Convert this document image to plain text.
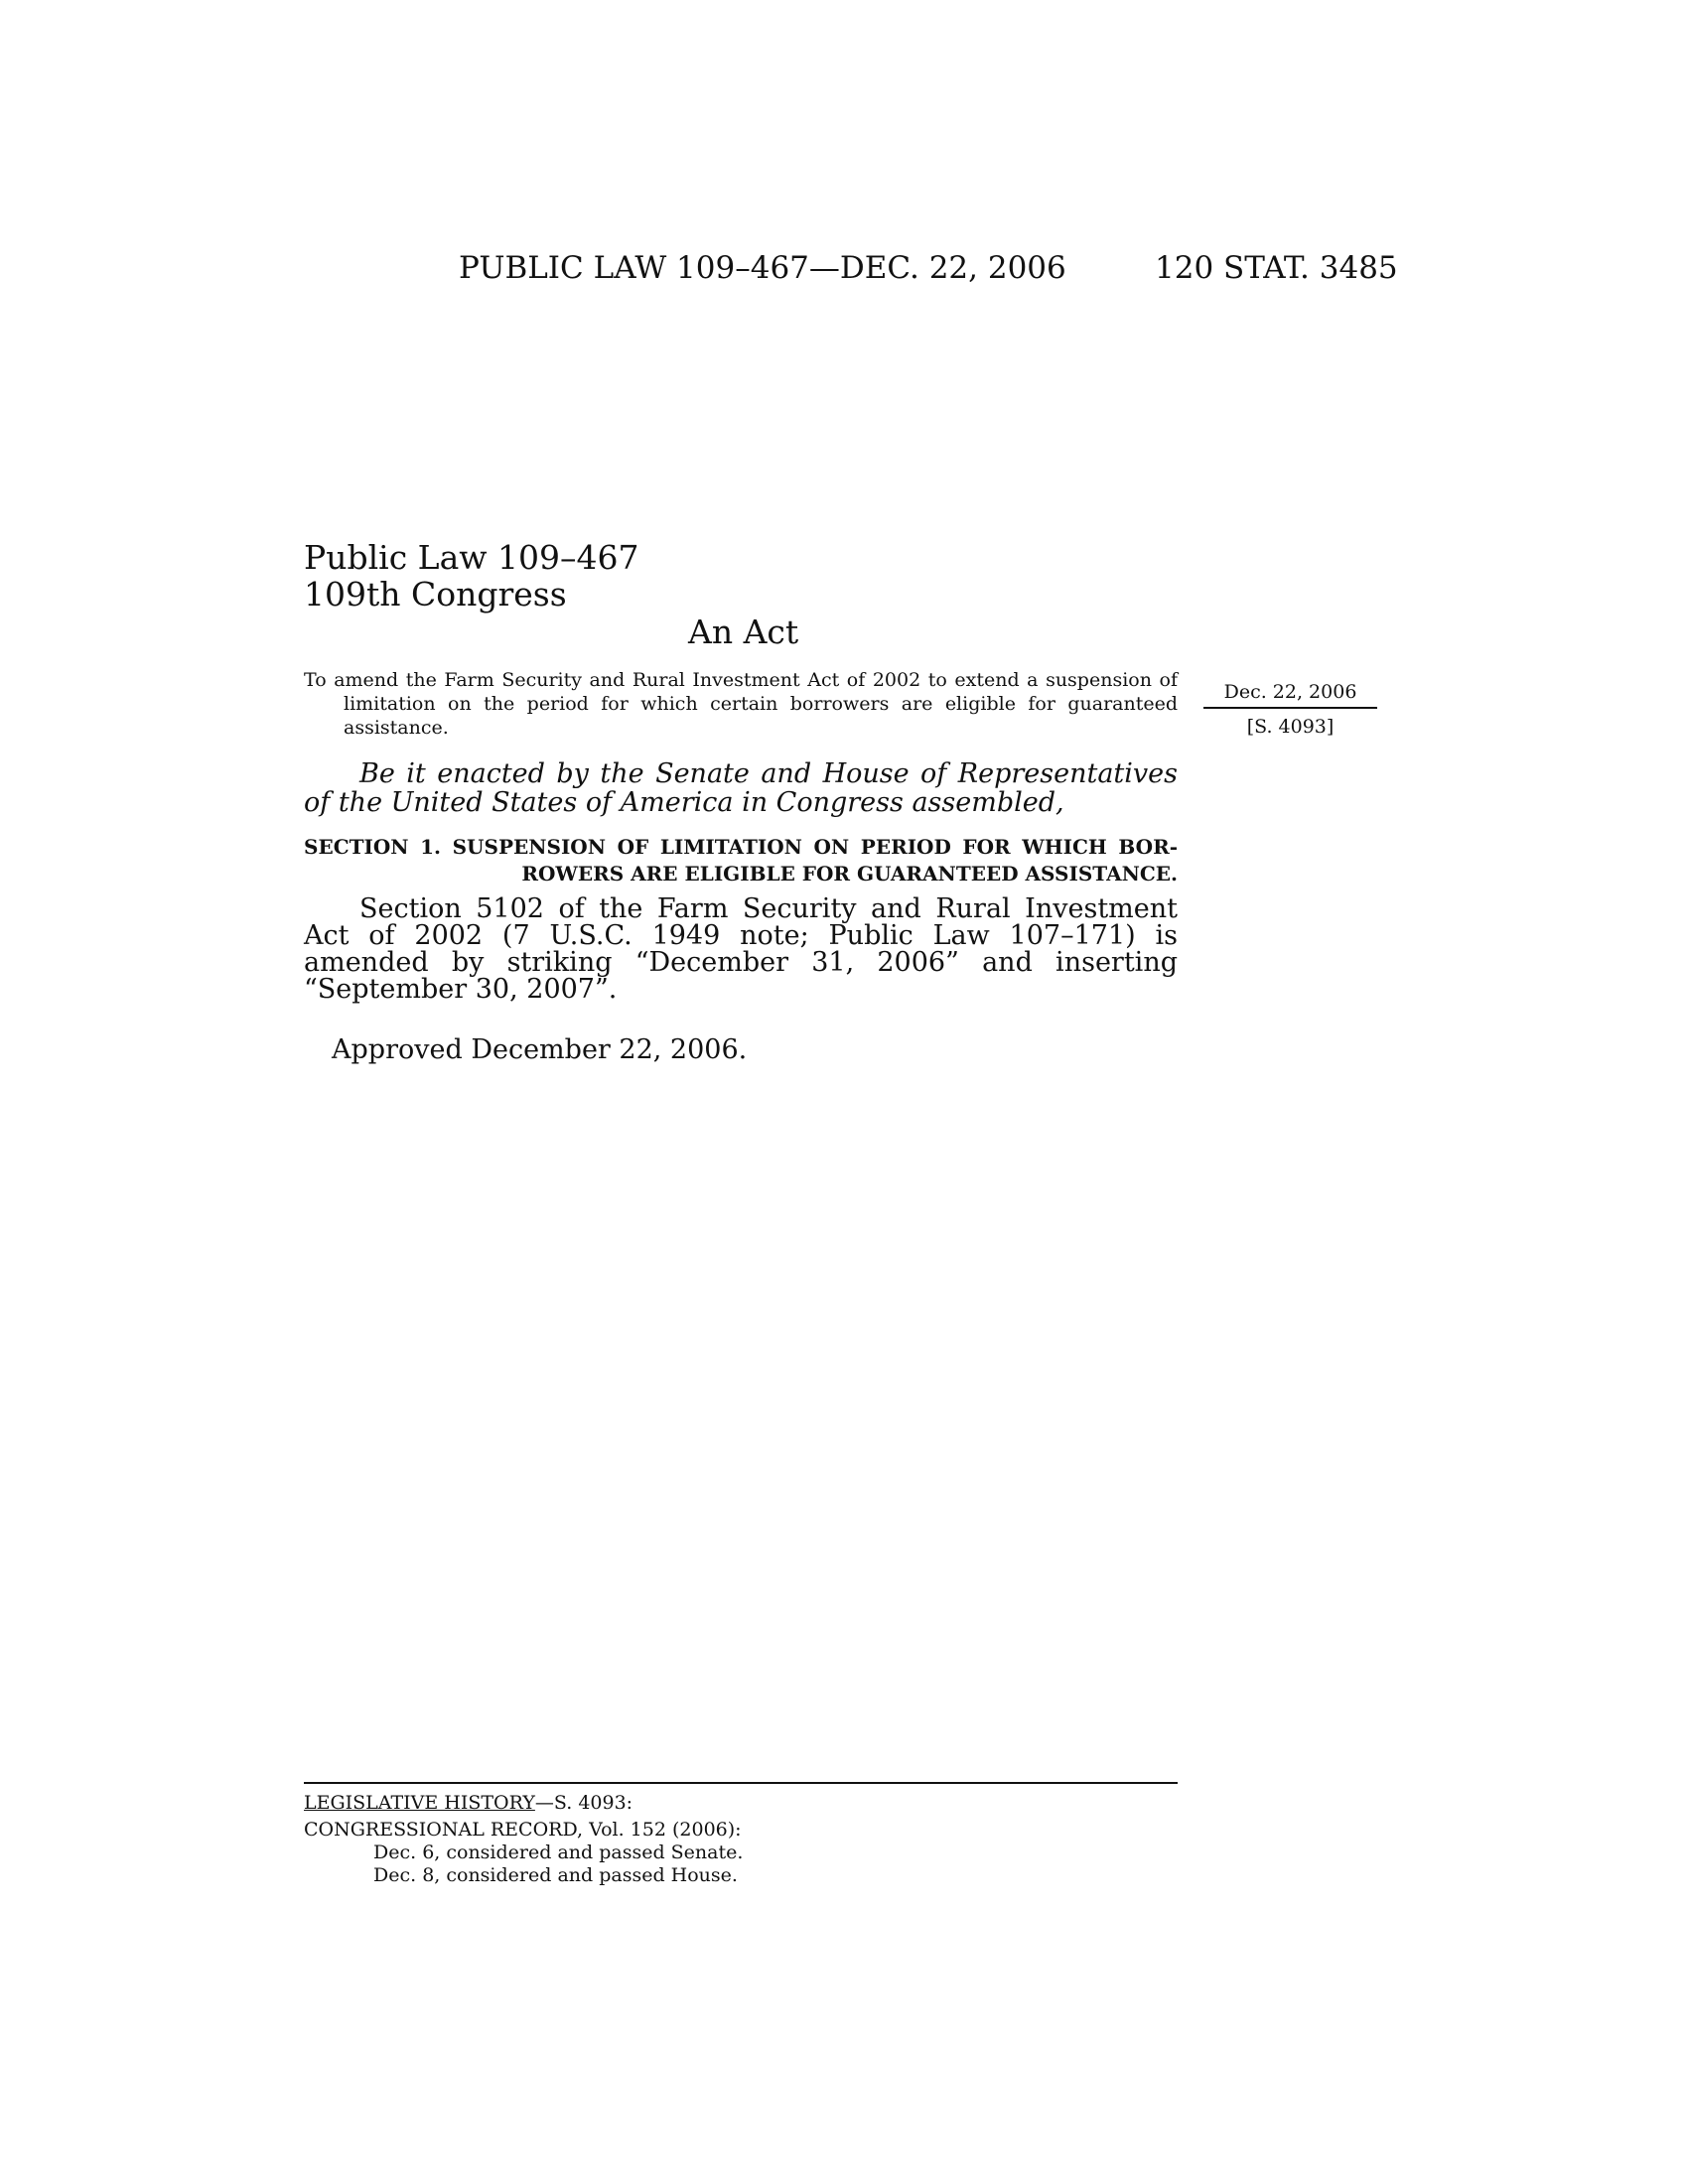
PUBLIC LAW 109–467—DEC. 22, 2006	120 STAT. 3485
Public Law 109–467
109th Congress
An Act
To amend the Farm Security and Rural Investment Act of 2002 to extend a suspension of limitation on the period for which certain borrowers are eligible for guaranteed assistance.
Dec. 22, 2006
[S. 4093]
Be it enacted by the Senate and House of Representatives of the United States of America in Congress assembled,
SECTION 1. SUSPENSION OF LIMITATION ON PERIOD FOR WHICH BOR-
ROWERS ARE ELIGIBLE FOR GUARANTEED ASSISTANCE.
Section 5102 of the Farm Security and Rural Investment Act of 2002 (7 U.S.C. 1949 note; Public Law 107–171) is amended by striking “December 31, 2006” and inserting “September 30, 2007”.
Approved December 22, 2006.
LEGISLATIVE HISTORY—S. 4093:
CONGRESSIONAL RECORD, Vol. 152 (2006):
Dec. 6, considered and passed Senate.
Dec. 8, considered and passed House.
